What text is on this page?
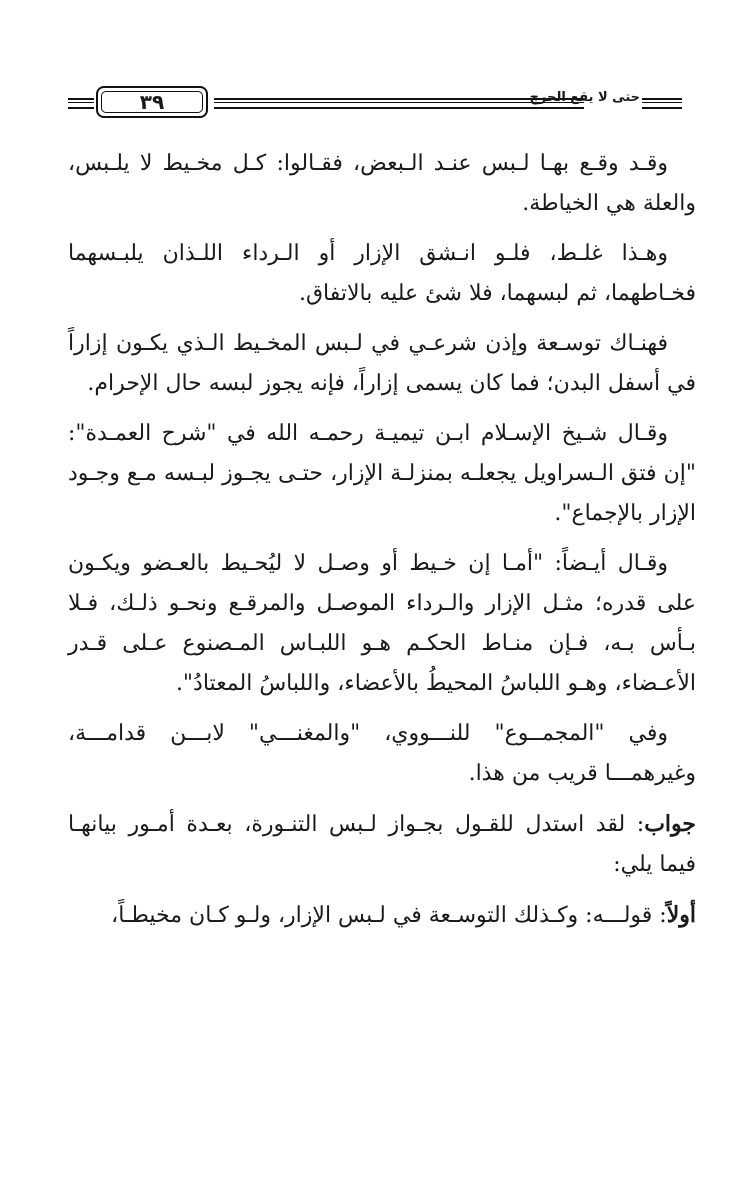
٣٩	حتى لا يقع الحرج

وقـد وقـع بهـا لـبس عنـد الـبعض، فقـالوا: كـل مخـيط لا يلـبس، والعلة هي الخياطة.

وهـذا غلـط، فلـو انـشق الإزار أو الـرداء اللـذان يلبـسهما فخـاطهما، ثم لبسهما، فلا شئ عليه بالاتفاق.

فهنـاك توسـعة وإذن شرعـي في لـبس المخـيط الـذي يكـون إزاراً في أسفل البدن؛ فما كان يسمى إزاراً، فإنه يجوز لبسه حال الإحرام.

وقـال شـيخ الإسـلام ابـن تيميـة رحمـه الله في "شرح العمـدة": "إن فتق الـسراويل يجعلـه بمنزلـة الإزار، حتـى يجـوز لبـسه مـع وجـود الإزار بالإجماع".

وقـال أيـضاً: "أمـا إن خـيط أو وصـل لا ليُحـيط بالعـضو ويكـون على قدره؛ مثـل الإزار والـرداء الموصـل والمرقـع ونحـو ذلـك، فـلا بـأس بـه، فـإن منـاط الحكـم هـو اللبـاس المـصنوع عـلى قـدر الأعـضاء، وهـو اللباسُ المحيطُ بالأعضاء، واللباسُ المعتادُ".

وفي "المجمــوع" للنـــووي، "والمغنـــي" لابـــن قدامـــة، وغيرهمـــا قريب من هذا.

جواب: لقد استدل للقـول بجـواز لـبس التنـورة، بعـدة أمـور بيانهـا فيما يلي:

أولاً: قولـــه: وكـذلك التوسـعة في لـبس الإزار، ولـو كـان مخيطـاً،
